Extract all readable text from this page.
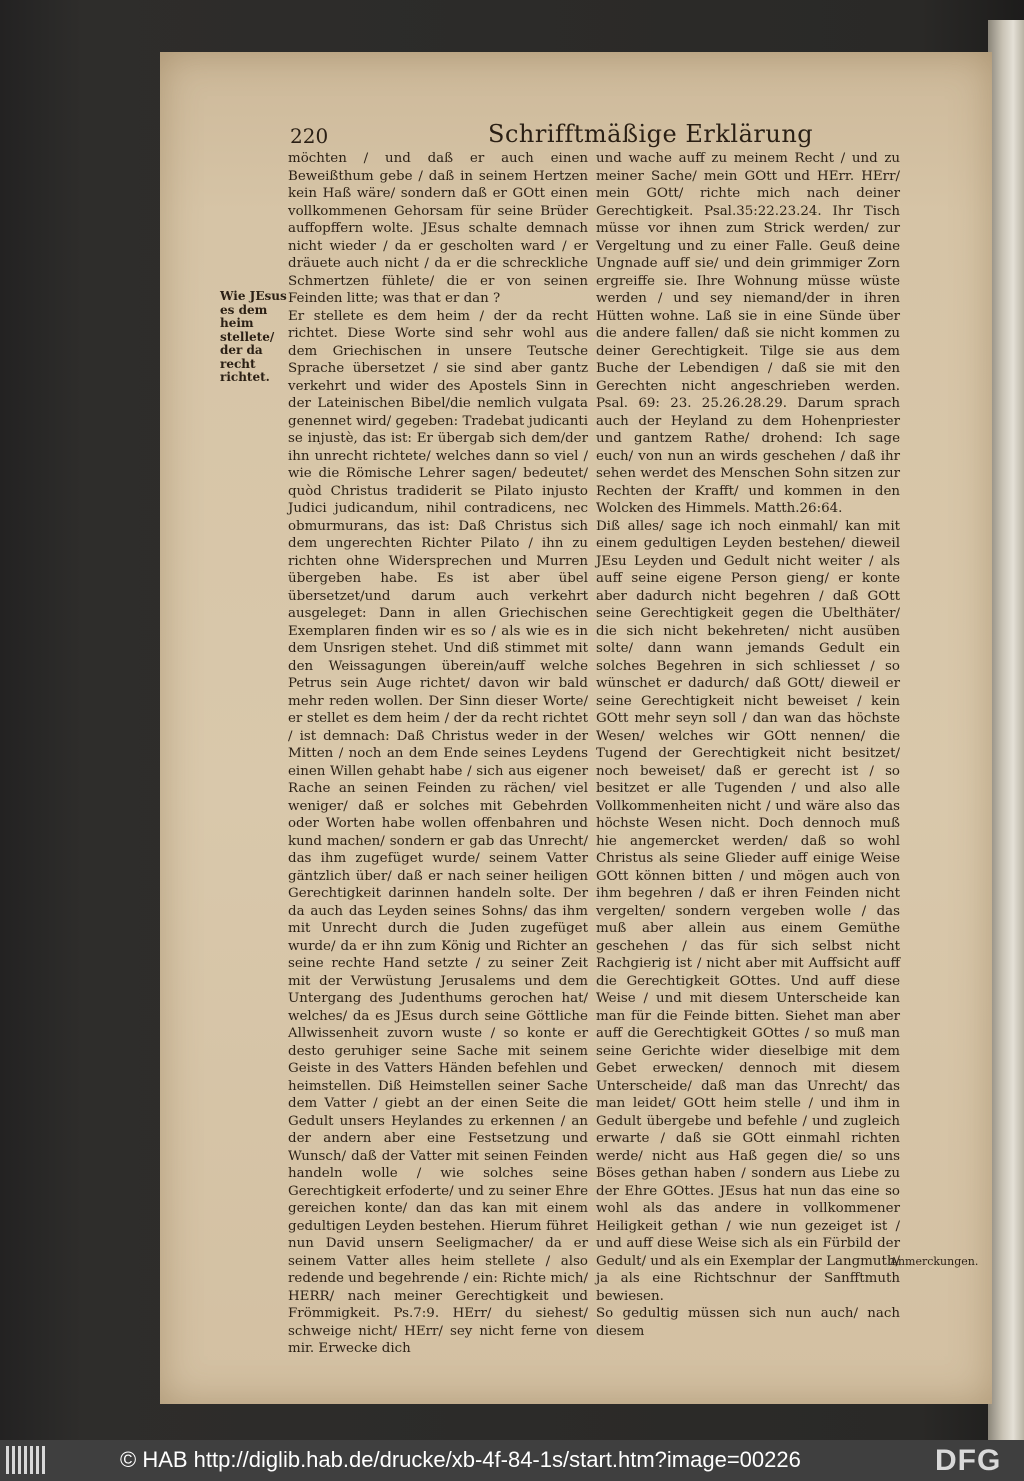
220	Schrifftmäßige Erklärung
Wie JEsus es dem heim stellete/ der da recht richtet.

möchten / und daß er auch einen Beweißthum gebe / daß in seinem Hertzen kein Haß wäre/ sondern daß er GOtt einen vollkommenen Gehorsam für seine Brüder auffopffern wolte. JEsus schalte demnach nicht wieder / da er gescholten ward / er dräuete auch nicht / da er die schreckliche Schmertzen fühlete/ die er von seinen Feinden litte; was that er dan ?

Er stellete es dem heim / der da recht richtet. Diese Worte sind sehr wohl aus dem Griechischen in unsere Teutsche Sprache übersetzet / sie sind aber gantz verkehrt und wider des Apostels Sinn in der Lateinischen Bibel/die nemlich vulgata genennet wird/ gegeben: Tradebat judicanti se injustè, das ist: Er übergab sich dem/der ihn unrecht richtete/ welches dann so viel / wie die Römische Lehrer sagen/ bedeutet/ quòd Christus tradiderit se Pilato injusto Judici judicandum, nihil contradicens, nec obmurmurans, das ist: Daß Christus sich dem ungerechten Richter Pilato / ihn zu richten ohne Widersprechen und Murren übergeben habe. Es ist aber übel übersetzet/und darum auch verkehrt ausgeleget: Dann in allen Griechischen Exemplaren finden wir es so / als wie es in dem Unsrigen stehet. Und diß stimmet mit den Weissagungen überein/auff welche Petrus sein Auge richtet/ davon wir bald mehr reden wollen. Der Sinn dieser Worte/ er stellet es dem heim / der da recht richtet / ist demnach: Daß Christus weder in der Mitten / noch an dem Ende seines Leydens einen Willen gehabt habe / sich aus eigener Rache an seinen Feinden zu rächen/ viel weniger/ daß er solches mit Gebehrden oder Worten habe wollen offenbahren und kund machen/ sondern er gab das Unrecht/ das ihm zugefüget wurde/ seinem Vatter gäntzlich über/ daß er nach seiner heiligen Gerechtigkeit darinnen handeln solte. Der da auch das Leyden seines Sohns/ das ihm mit Unrecht durch die Juden zugefüget wurde/ da er ihn zum König und Richter an seine rechte Hand setzte / zu seiner Zeit mit der Verwüstung Jerusalems und dem Untergang des Judenthums gerochen hat/ welches/ da es JEsus durch seine Göttliche Allwissenheit zuvorn wuste / so konte er desto geruhiger seine Sache mit seinem Geiste in des Vatters Händen befehlen und heimstellen. Diß Heimstellen seiner Sache dem Vatter / giebt an der einen Seite die Gedult unsers Heylandes zu erkennen / an der andern aber eine Festsetzung und Wunsch/ daß der Vatter mit seinen Feinden handeln wolle / wie solches seine Gerechtigkeit erfoderte/ und zu seiner Ehre gereichen konte/ dan das kan mit einem gedultigen Leyden bestehen. Hierum führet nun David unsern Seeligmacher/ da er seinem Vatter alles heim stellete / also redende und begehrende / ein: Richte mich/ HERR/ nach meiner Gerechtigkeit und Frömmigkeit. Ps.7:9. HErr/ du siehest/ schweige nicht/ HErr/ sey nicht ferne von mir. Erwecke dich

und wache auff zu meinem Recht / und zu meiner Sache/ mein GOtt und HErr. HErr/ mein GOtt/ richte mich nach deiner Gerechtigkeit. Psal.35:22.23.24. Ihr Tisch müsse vor ihnen zum Strick werden/ zur Vergeltung und zu einer Falle. Geuß deine Ungnade auff sie/ und dein grimmiger Zorn ergreiffe sie. Ihre Wohnung müsse wüste werden / und sey niemand/der in ihren Hütten wohne. Laß sie in eine Sünde über die andere fallen/ daß sie nicht kommen zu deiner Gerechtigkeit. Tilge sie aus dem Buche der Lebendigen / daß sie mit den Gerechten nicht angeschrieben werden. Psal. 69: 23. 25.26.28.29. Darum sprach auch der Heyland zu dem Hohenpriester und gantzem Rathe/ drohend: Ich sage euch/ von nun an wirds geschehen / daß ihr sehen werdet des Menschen Sohn sitzen zur Rechten der Krafft/ und kommen in den Wolcken des Himmels. Matth.26:64.

Diß alles/ sage ich noch einmahl/ kan mit einem gedultigen Leyden bestehen/ dieweil JEsu Leyden und Gedult nicht weiter / als auff seine eigene Person gieng/ er konte aber dadurch nicht begehren / daß GOtt seine Gerechtigkeit gegen die Ubelthäter/ die sich nicht bekehreten/ nicht ausüben solte/ dann wann jemands Gedult ein solches Begehren in sich schliesset / so wünschet er dadurch/ daß GOtt/ dieweil er seine Gerechtigkeit nicht beweiset / kein GOtt mehr seyn soll / dan wan das höchste Wesen/ welches wir GOtt nennen/ die Tugend der Gerechtigkeit nicht besitzet/ noch beweiset/ daß er gerecht ist / so besitzet er alle Tugenden / und also alle Vollkommenheiten nicht / und wäre also das höchste Wesen nicht. Doch dennoch muß hie angemercket werden/ daß so wohl Christus als seine Glieder auff einige Weise GOtt können bitten / und mögen auch von ihm begehren / daß er ihren Feinden nicht vergelten/ sondern vergeben wolle / das muß aber allein aus einem Gemüthe geschehen / das für sich selbst nicht Rachgierig ist / nicht aber mit Auffsicht auff die Gerechtigkeit GOttes. Und auff diese Weise / und mit diesem Unterscheide kan man für die Feinde bitten. Siehet man aber auff die Gerechtigkeit GOttes / so muß man seine Gerichte wider dieselbige mit dem Gebet erwecken/ dennoch mit diesem Unterscheide/ daß man das Unrecht/ das man leidet/ GOtt heim stelle / und ihm in Gedult übergebe und befehle / und zugleich erwarte / daß sie GOtt einmahl richten werde/ nicht aus Haß gegen die/ so uns Böses gethan haben / sondern aus Liebe zu der Ehre GOttes. JEsus hat nun das eine so wohl als das andere in vollkommener Heiligkeit gethan / wie nun gezeiget ist / und auff diese Weise sich als ein Fürbild der Gedult/ und als ein Exemplar der Langmuth/ ja als eine Richtschnur der Sanfftmuth bewiesen.

So gedultig müssen sich nun auch/ nach diesem

Anmerckungen.
© HAB http://diglib.hab.de/drucke/xb-4f-84-1s/start.htm?image=00226	DFG
